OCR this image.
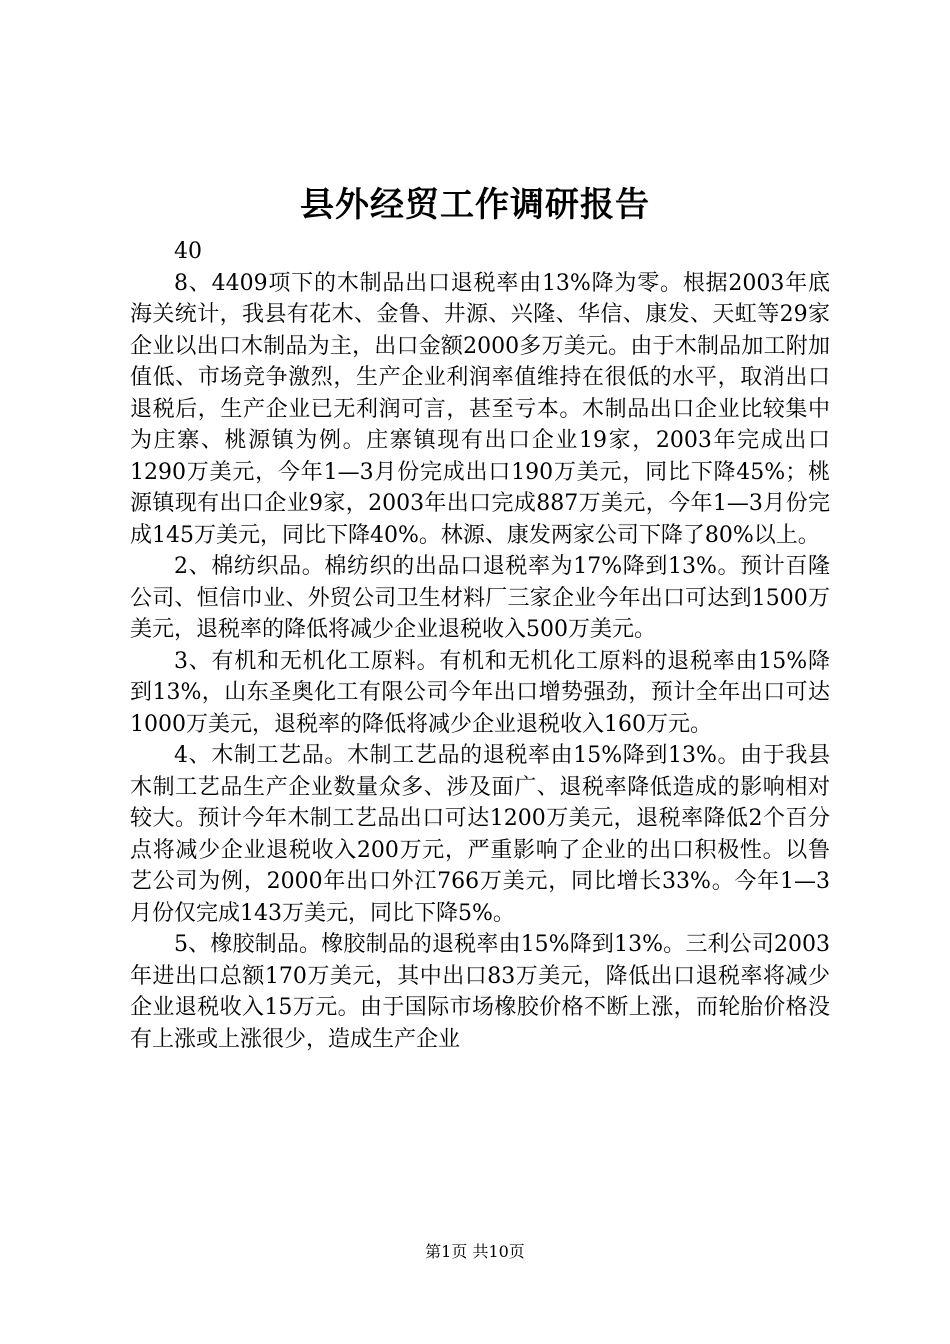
县外经贸工作调研报告

40

8、4409项下的木制品出口退税率由13%降为零。根据2003年底海关统计，我县有花木、金鲁、井源、兴隆、华信、康发、天虹等29家企业以出口木制品为主，出口金额2000多万美元。由于木制品加工附加值低、市场竞争激烈，生产企业利润率值维持在很低的水平，取消出口退税后，生产企业已无利润可言，甚至亏本。木制品出口企业比较集中为庄寨、桃源镇为例。庄寨镇现有出口企业19家，2003年完成出口1290万美元，今年1—3月份完成出口190万美元，同比下降45%；桃源镇现有出口企业9家，2003年出口完成887万美元，今年1—3月份完成145万美元，同比下降40%。林源、康发两家公司下降了80%以上。

2、棉纺织品。棉纺织的出品口退税率为17%降到13%。预计百隆公司、恒信巾业、外贸公司卫生材料厂三家企业今年出口可达到1500万美元，退税率的降低将减少企业退税收入500万美元。

3、有机和无机化工原料。有机和无机化工原料的退税率由15%降到13%，山东圣奥化工有限公司今年出口增势强劲，预计全年出口可达1000万美元，退税率的降低将减少企业退税收入160万元。

4、木制工艺品。木制工艺品的退税率由15%降到13%。由于我县木制工艺品生产企业数量众多、涉及面广、退税率降低造成的影响相对较大。预计今年木制工艺品出口可达1200万美元，退税率降低2个百分点将减少企业退税收入200万元，严重影响了企业的出口积极性。以鲁艺公司为例，2000年出口外江766万美元，同比增长33%。今年1—3月份仅完成143万美元，同比下降5%。

5、橡胶制品。橡胶制品的退税率由15%降到13%。三利公司2003年进出口总额170万美元，其中出口83万美元，降低出口退税率将减少企业退税收入15万元。由于国际市场橡胶价格不断上涨，而轮胎价格没有上涨或上涨很少，造成生产企业

第1页 共10页
